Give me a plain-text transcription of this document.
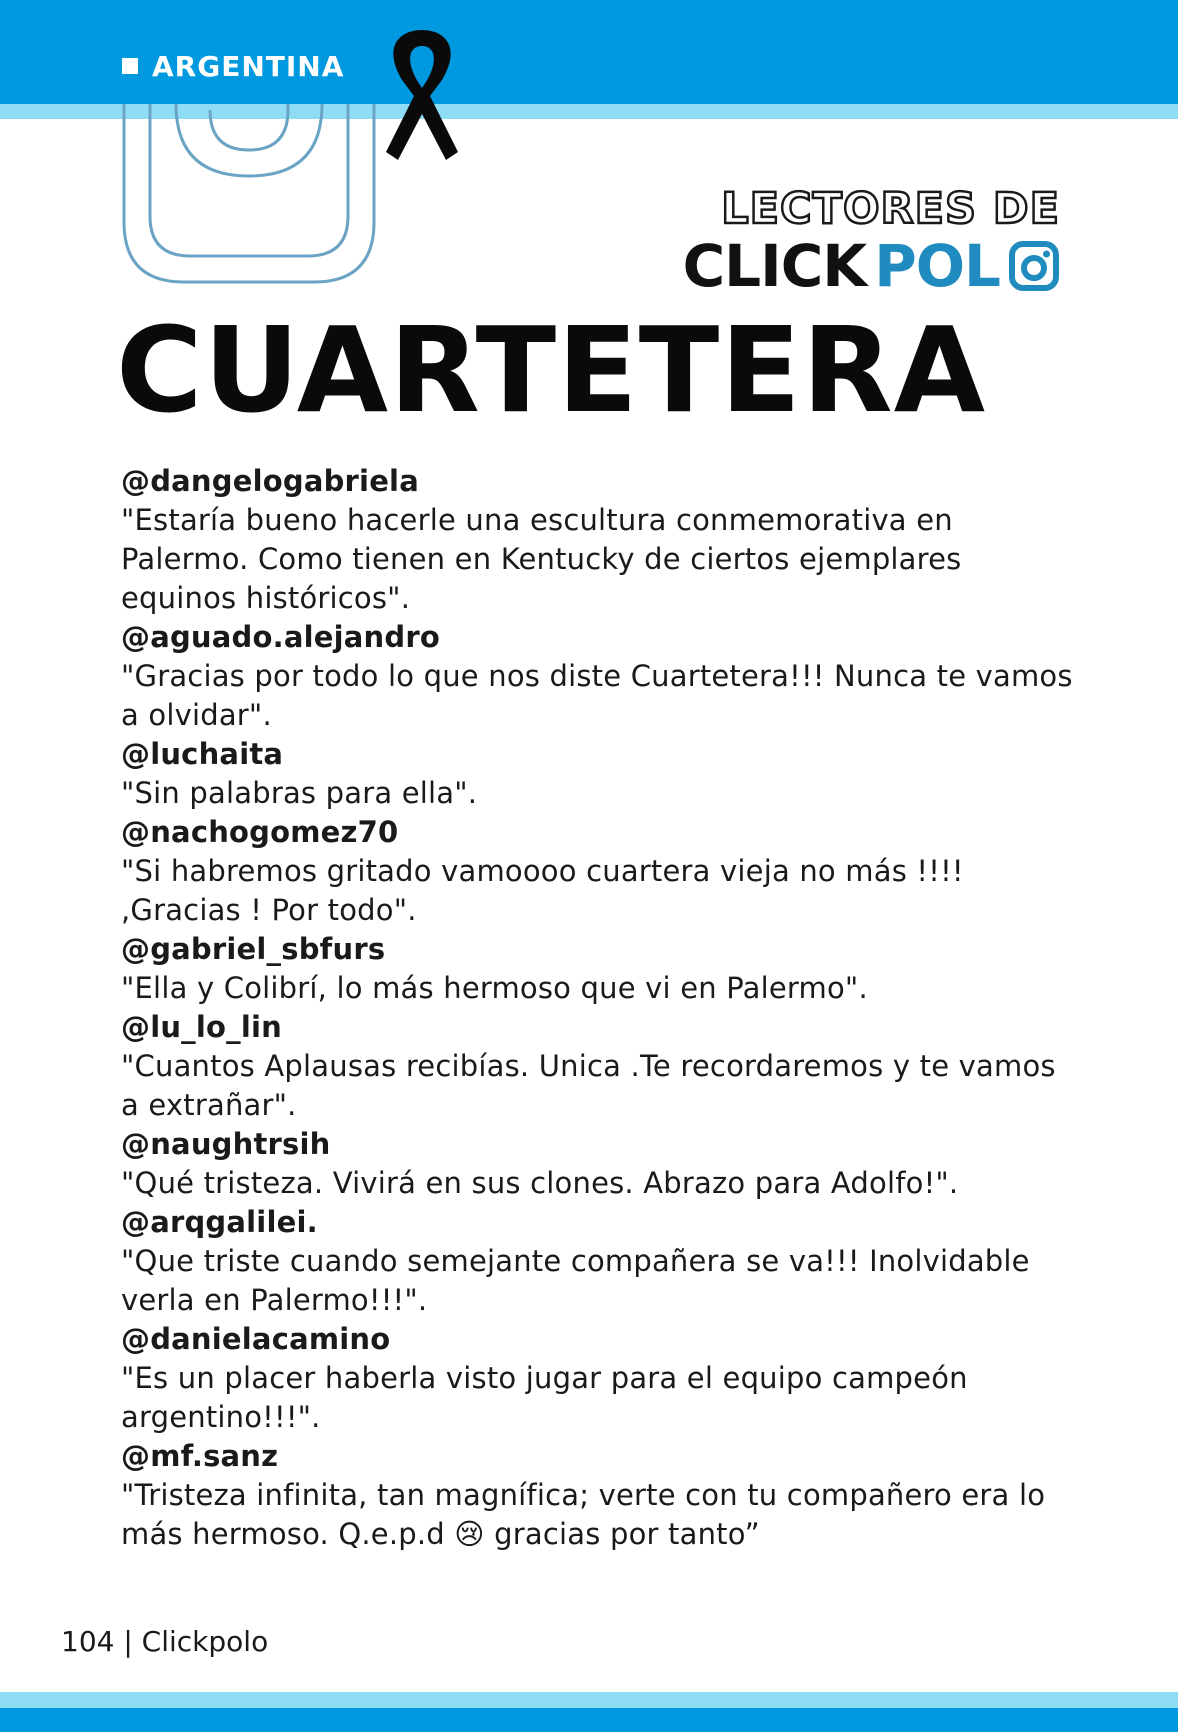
ARGENTINA
LECTORES DE
CLICK POL
CUARTETERA
@dangelogabriela
"Estaría bueno hacerle una escultura conmemorativa en Palermo. Como tienen en Kentucky de ciertos ejemplares equinos históricos".
@aguado.alejandro
"Gracias por todo lo que nos diste Cuartetera!!! Nunca te vamos a olvidar".
@luchaita
"Sin palabras para ella".
@nachogomez70
"Si habremos gritado vamoooo cuartera vieja no más !!!! ,Gracias ! Por todo".
@gabriel_sbfurs
"Ella y Colibrí, lo más hermoso que vi en Palermo".
@lu_lo_lin
"Cuantos Aplausas recibías. Unica .Te recordaremos y te vamos a extrañar".
@naughtrsih
"Qué tristeza. Vivirá en sus clones. Abrazo para Adolfo!".
@arqgalilei.
"Que triste cuando semejante compañera se va!!! Inolvidable verla en Palermo!!!".
@danielacamino
"Es un placer haberla visto jugar para el equipo campeón argentino!!!".
@mf.sanz
"Tristeza infinita, tan magnífica; verte con tu compañero era lo más hermoso. Q.e.p.d 😢 gracias por tanto”
104 | Clickpolo
